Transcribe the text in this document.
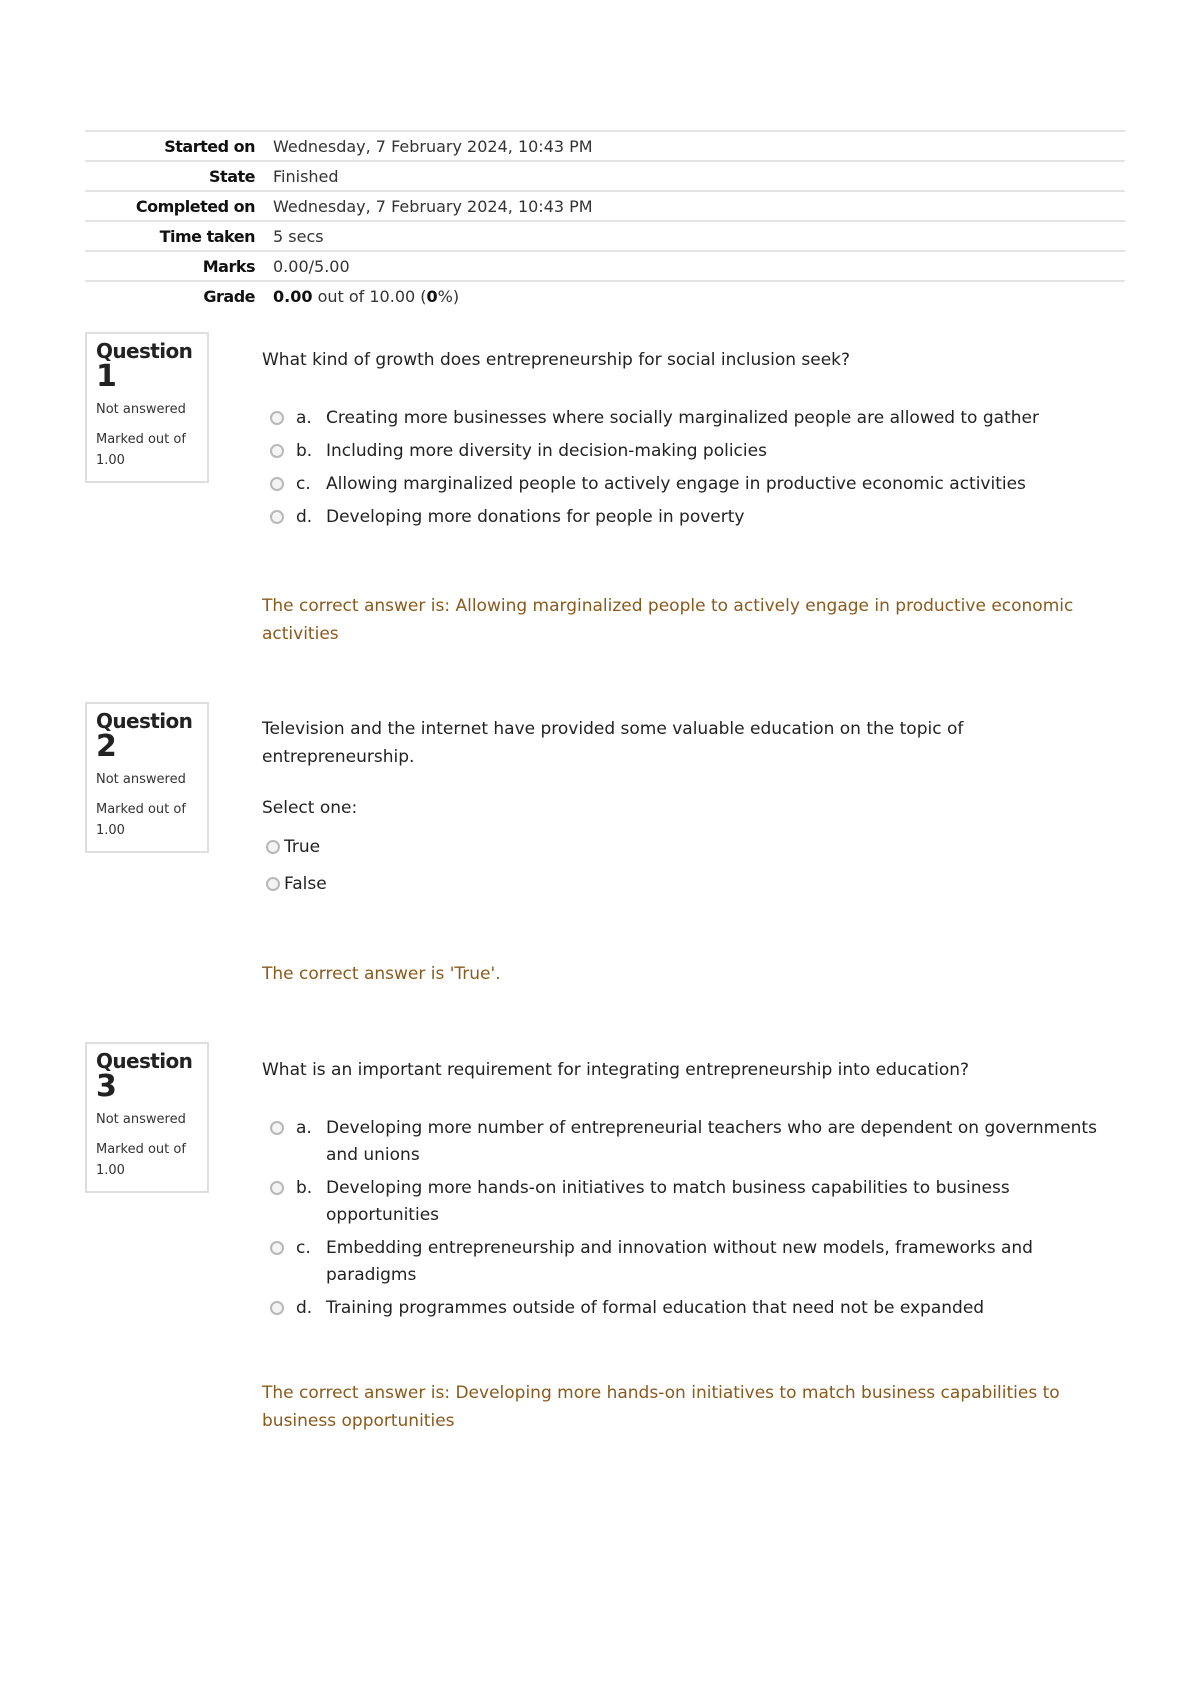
Started on	Wednesday, 7 February 2024, 10:43 PM
State	Finished
Completed on	Wednesday, 7 February 2024, 10:43 PM
Time taken	5 secs
Marks	0.00/5.00
Grade	0.00 out of 10.00 (0%)
Question
1
Not answered
Marked out of 1.00
What kind of growth does entrepreneurship for social inclusion seek?
a. Creating more businesses where socially marginalized people are allowed to gather
b. Including more diversity in decision-making policies
c. Allowing marginalized people to actively engage in productive economic activities
d. Developing more donations for people in poverty
The correct answer is: Allowing marginalized people to actively engage in productive economic activities
Question
2
Not answered
Marked out of 1.00
Television and the internet have provided some valuable education on the topic of entrepreneurship.
Select one:
True
False
The correct answer is 'True'.
Question
3
Not answered
Marked out of 1.00
What is an important requirement for integrating entrepreneurship into education?
a. Developing more number of entrepreneurial teachers who are dependent on governments and unions
b. Developing more hands-on initiatives to match business capabilities to business opportunities
c. Embedding entrepreneurship and innovation without new models, frameworks and paradigms
d. Training programmes outside of formal education that need not be expanded
The correct answer is: Developing more hands-on initiatives to match business capabilities to business opportunities
